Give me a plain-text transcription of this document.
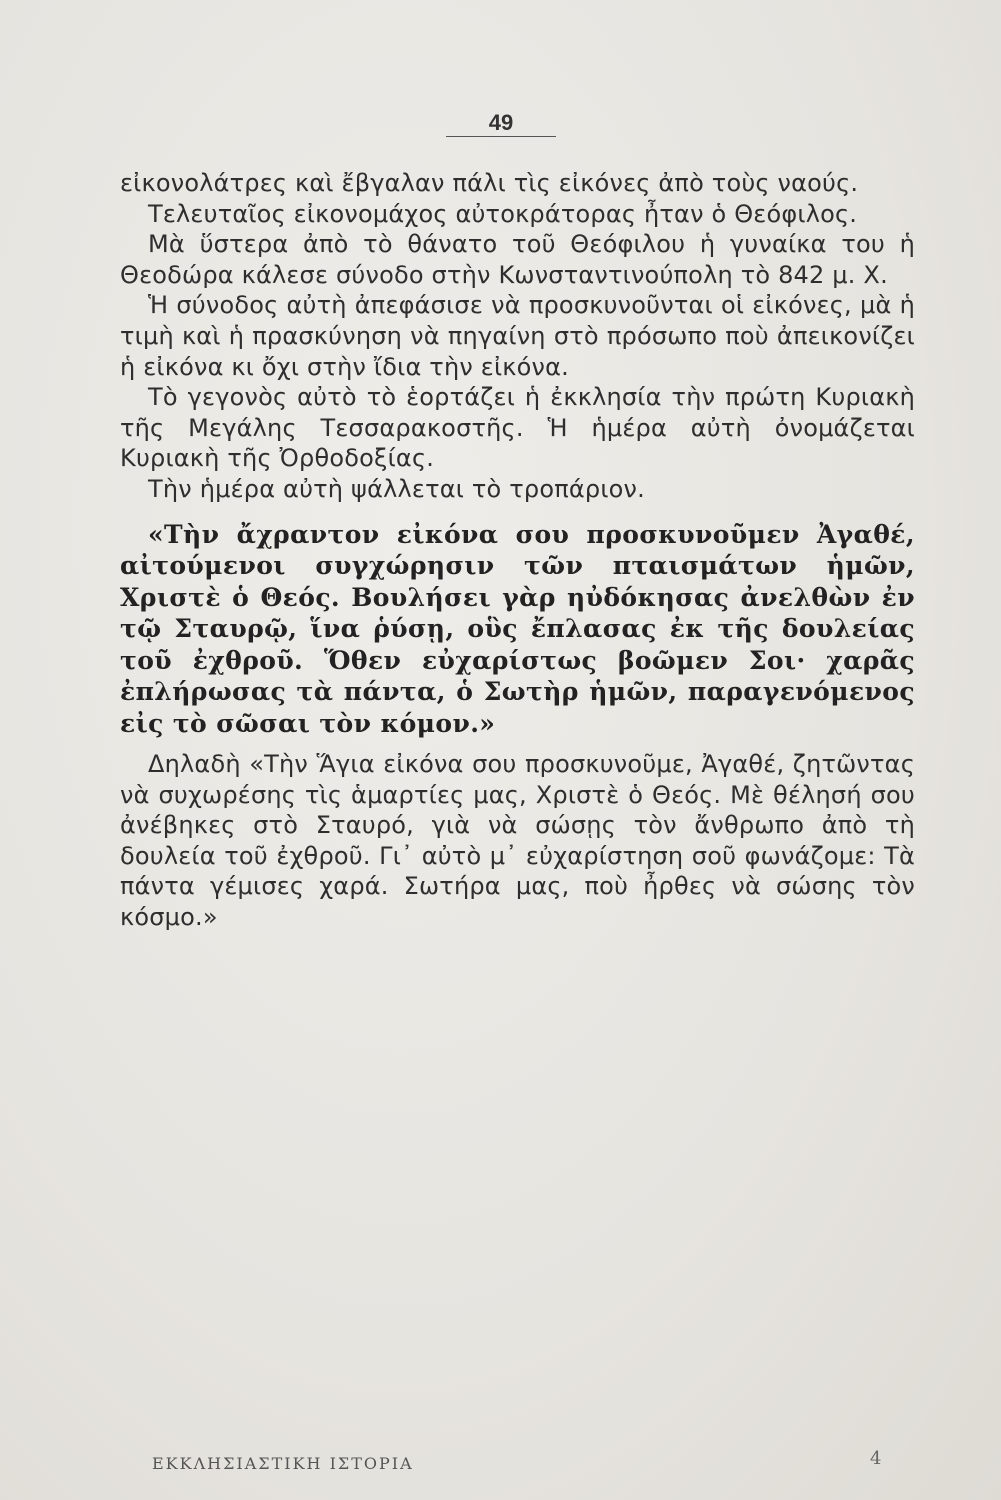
49

εἰκονολάτρες καὶ ἔβγαλαν πάλι τὶς εἰκόνες ἀπὸ τοὺς ναούς.

Τελευταῖος εἰκονομάχος αὐτοκράτορας ἦταν ὁ Θεόφιλος.

Μὰ ὕστερα ἀπὸ τὸ θάνατο τοῦ Θεόφιλου ἡ γυναίκα του ἡ Θεοδώρα κάλεσε σύνοδο στὴν Κωνσταντινούπολη τὸ 842 μ. Χ.

Ἡ σύνοδος αὐτὴ ἀπεφάσισε νὰ προσκυνοῦνται οἱ εἰκόνες, μὰ ἡ τιμὴ καὶ ἡ πρασκύνηση νὰ πηγαίνη στὸ πρόσωπο ποὺ ἀπεικονίζει ἡ εἰκόνα κι ὄχι στὴν ἴδια τὴν εἰκόνα.

Τὸ γεγονὸς αὐτὸ τὸ ἑορτάζει ἡ ἐκκλησία τὴν πρώτη Κυριακὴ τῆς Μεγάλης Τεσσαρακοστῆς. Ἡ ἡμέρα αὐτὴ ὀνομάζεται Κυριακὴ τῆς Ὀρθοδοξίας.

Τὴν ἡμέρα αὐτὴ ψάλλεται τὸ τροπάριον.

«Τὴν ἄχραντον εἰκόνα σου προσκυνοῦμεν Ἀγαθέ, αἰτούμενοι συγχώρησιν τῶν πταισμάτων ἡμῶν, Χριστὲ ὁ Θεός. Βουλήσει γὰρ ηὐδόκησας ἀνελθὼν ἐν τῷ Σταυρῷ, ἵνα ῥύσῃ, οὓς ἔπλασας ἐκ τῆς δουλείας τοῦ ἐχθροῦ. Ὅθεν εὐχαρίστως βοῶμεν Σοι· χαρᾶς ἐπλήρωσας τὰ πάντα, ὁ Σωτὴρ ἡμῶν, παραγενόμενος εἰς τὸ σῶσαι τὸν κόμον.»

Δηλαδὴ «Τὴν Ἅγια εἰκόνα σου προσκυνοῦμε, Ἀγαθέ, ζητῶντας νὰ συχωρέσης τὶς ἁμαρτίες μας, Χριστὲ ὁ Θεός. Μὲ θέλησή σου ἀνέβηκες στὸ Σταυρό, γιὰ νὰ σώσῃς τὸν ἄνθρωπο ἀπὸ τὴ δουλεία τοῦ ἐχθροῦ. Γι᾽ αὐτὸ μ᾽ εὐχαρίστηση σοῦ φωνάζομε: Τὰ πάντα γέμισες χαρά. Σωτήρα μας, ποὺ ἦρθες νὰ σώσης τὸν κόσμο.»

ΕΚΚΛΗΣΙΑΣΤΙΚΗ ΙΣΤΟΡΙΑ	4
